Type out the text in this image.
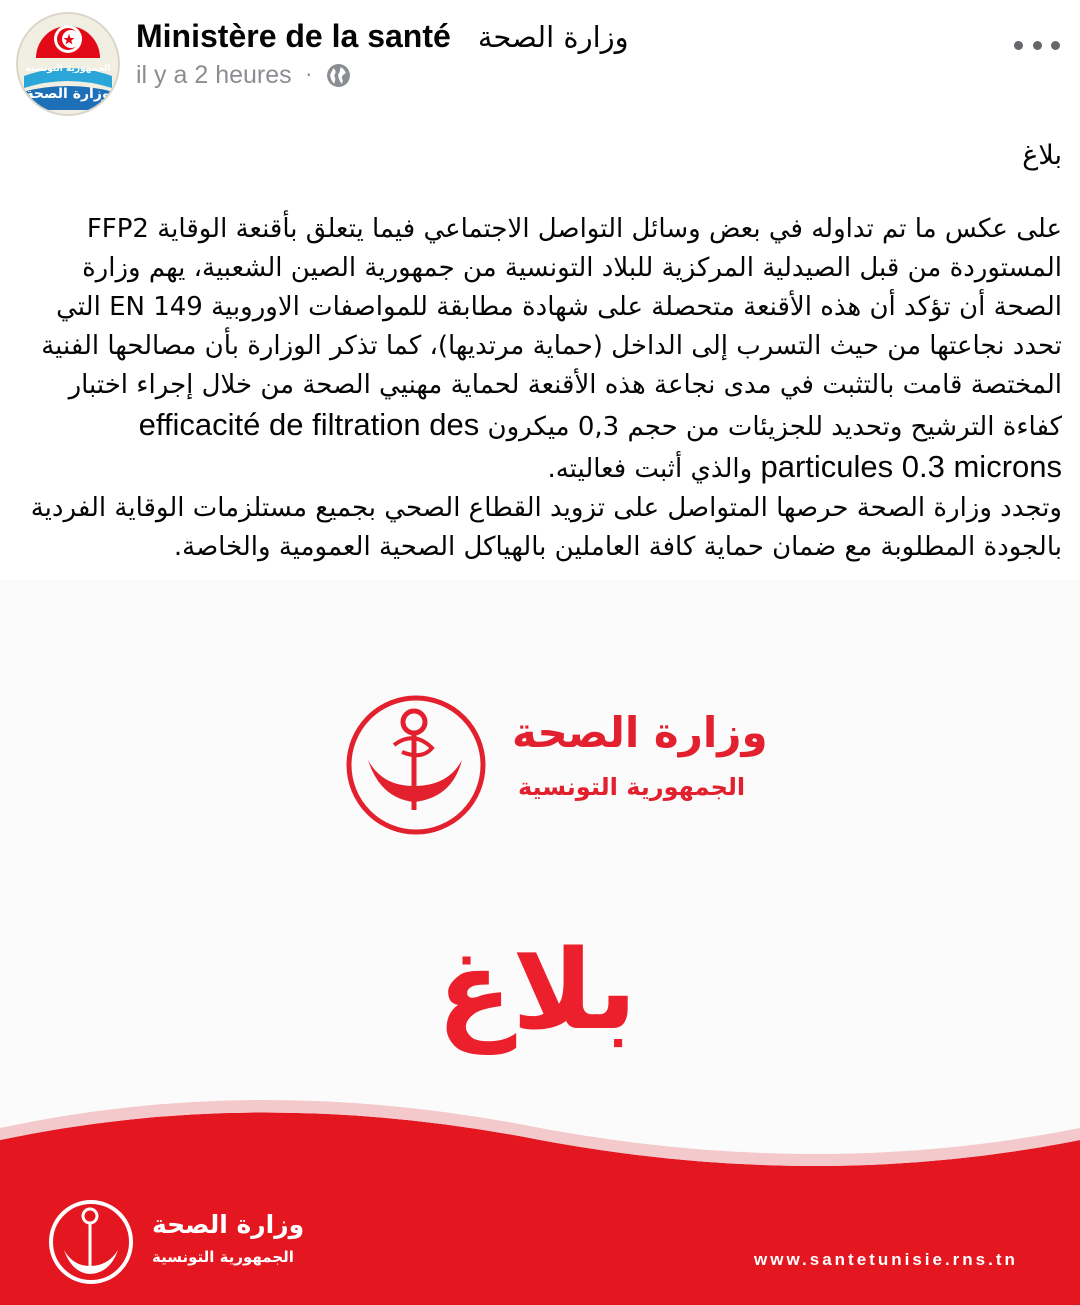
الجمهورية التونسية
وزارة الصحة
Ministère de la santé وزارة الصحة
il y a 2 heures ·
بلاغ

على عكس ما تم تداوله في بعض وسائل التواصل الاجتماعي فيما يتعلق بأقنعة الوقاية FFP2 المستوردة من قبل الصيدلية المركزية للبلاد التونسية من جمهورية الصين الشعبية، يهم وزارة الصحة أن تؤكد أن هذه الأقنعة متحصلة على شهادة مطابقة للمواصفات الاوروبية EN 149 التي تحدد نجاعتها من حيث التسرب إلى الداخل (حماية مرتديها)، كما تذكر الوزارة بأن مصالحها الفنية المختصة قامت بالتثبت في مدى نجاعة هذه الأقنعة لحماية مهنيي الصحة من خلال إجراء اختبار كفاءة الترشيح وتحديد للجزيئات من حجم 0,3 ميكرون efficacité de filtration des particules 0.3 microns والذي أثبت فعاليته.

وتجدد وزارة الصحة حرصها المتواصل على تزويد القطاع الصحي بجميع مستلزمات الوقاية الفردية بالجودة المطلوبة مع ضمان حماية كافة العاملين بالهياكل الصحية العمومية والخاصة.

وزارة الصحة
الجمهورية التونسية
بلاغ
وزارة الصحة
الجمهورية التونسية	www.santetunisie.rns.tn
